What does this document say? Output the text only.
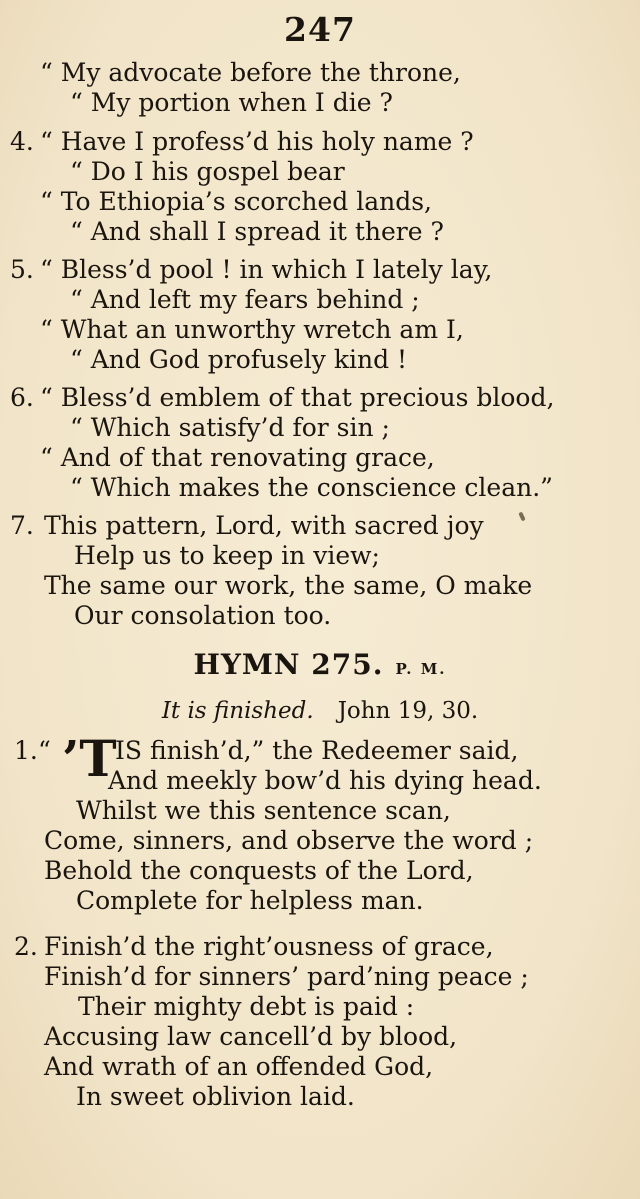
247
“ My advocate before the throne,
“ My portion when I die ?
4. “ Have I profess’d his holy name ?
“ Do I his gospel bear
“ To Ethiopia’s scorched lands,
“ And shall I spread it there ?
5. “ Bless’d pool ! in which I lately lay,
“ And left my fears behind ;
“ What an unworthy wretch am I,
“ And God profusely kind !
6. “ Bless’d emblem of that precious blood,
“ Which satisfy’d for sin ;
“ And of that renovating grace,
“ Which makes the conscience clean.”
7. This pattern, Lord, with sacred joy
Help us to keep in view;
The same our work, the same, O make
Our consolation too.
HYMN 275. P. M.
It is finished. John 19, 30.
1. “ ’T
IS finish’d,” the Redeemer said,
And meekly bow’d his dying head.
Whilst we this sentence scan,
Come, sinners, and observe the word ;
Behold the conquests of the Lord,
Complete for helpless man.
2. Finish’d the right’ousness of grace,
Finish’d for sinners’ pard’ning peace ;
Their mighty debt is paid :
Accusing law cancell’d by blood,
And wrath of an offended God,
In sweet oblivion laid.
